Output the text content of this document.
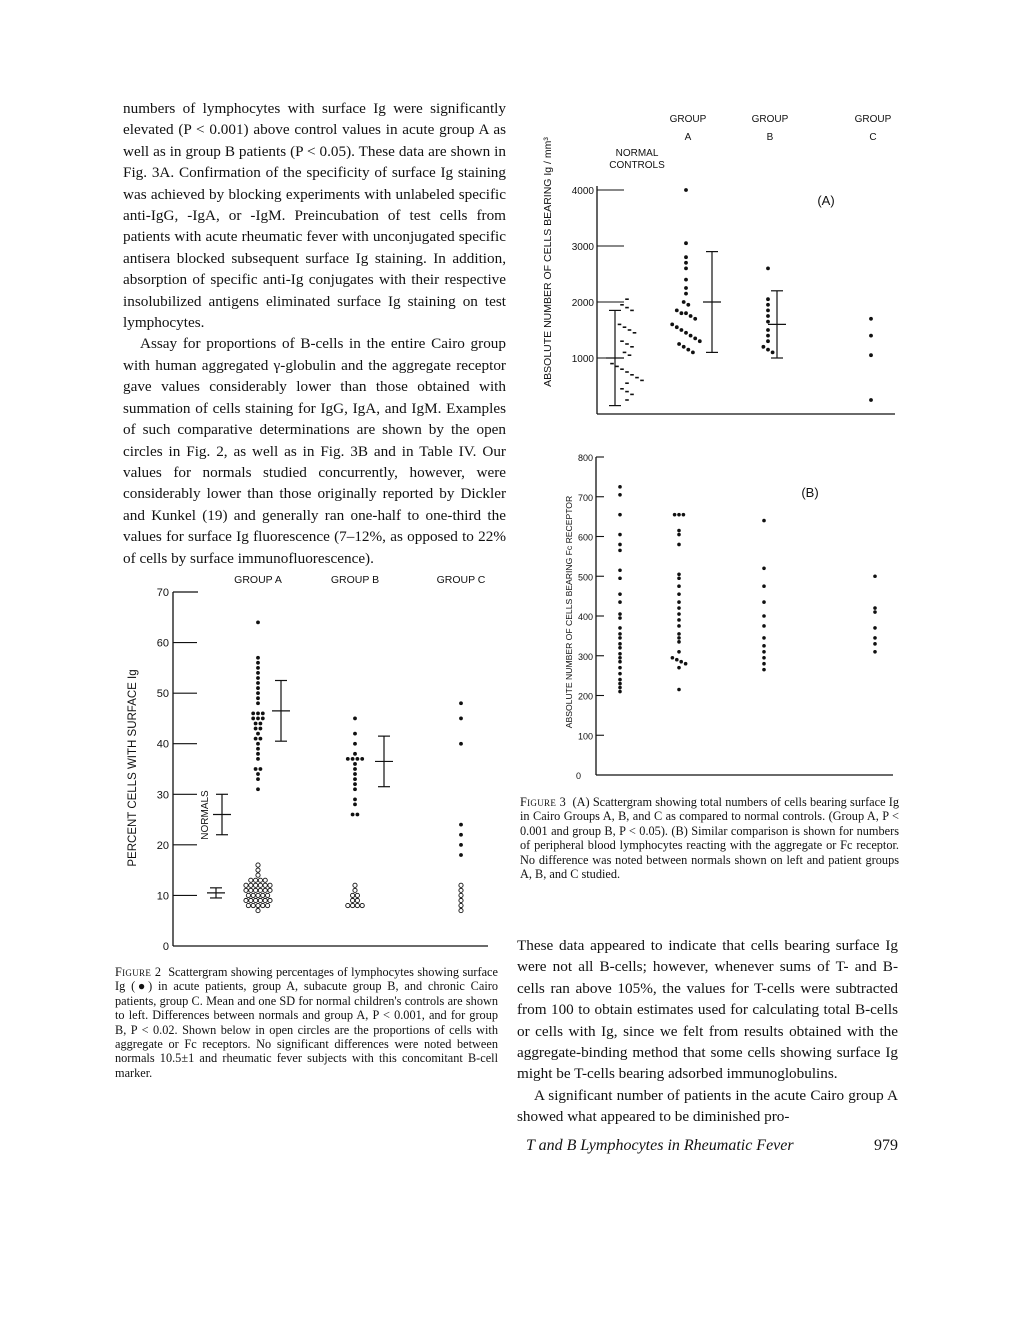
numbers of lymphocytes with surface Ig were significantly elevated (P < 0.001) above control values in acute group A as well as in group B patients (P < 0.05). These data are shown in Fig. 3A. Confirmation of the specificity of surface Ig staining was achieved by blocking experiments with unlabeled specific anti-IgG, -IgA, or -IgM. Preincubation of test cells from patients with acute rheumatic fever with unconjugated specific antisera blocked subsequent surface Ig staining. In addition, absorption of specific anti-Ig conjugates with their respective insolubilized antigens eliminated surface Ig staining on test lymphocytes.

Assay for proportions of B-cells in the entire Cairo group with human aggregated γ-globulin and the aggregate receptor gave values considerably lower than those obtained with summation of cells staining for IgG, IgA, and IgM. Examples of such comparative determinations are shown by the open circles in Fig. 2, as well as in Fig. 3B and in Table IV. Our values for normals studied concurrently, however, were considerably lower than those originally reported by Dickler and Kunkel (19) and generally ran one-half to one-third the values for surface Ig fluorescence (7–12%, as opposed to 22% of cells by surface immunofluorescence).

These data appeared to indicate that cells bearing surface Ig were not all B-cells; however, whenever sums of T- and B-cells ran above 105%, the values for T-cells were subtracted from 100 to obtain estimates used for calculating total B-cells or cells with Ig, since we felt from results obtained with the aggregate-binding method that some cells showing surface Ig might be T-cells bearing adsorbed immunoglobulins.

A significant number of patients in the acute Cairo group A showed what appeared to be diminished pro-

Figure 2 Scattergram showing percentages of lymphocytes showing surface Ig (●) in acute patients, group A, subacute group B, and chronic Cairo patients, group C. Mean and one SD for normal children's controls are shown to left. Differences between normals and group A, P < 0.001, and for group B, P < 0.02. Shown below in open circles are the proportions of cells with aggregate or Fc receptors. No significant differences were noted between normals 10.5±1 and rheumatic fever subjects with this concomitant B-cell marker.
Figure 3 (A) Scattergram showing total numbers of cells bearing surface Ig in Cairo Groups A, B, and C as compared to normal controls. (Group A, P < 0.001 and group B, P < 0.05). (B) Similar comparison is shown for numbers of peripheral blood lymphocytes reacting with the aggregate or Fc receptor. No difference was noted between normals shown on left and patient groups A, B, and C studied.
T and B Lymphocytes in Rheumatic Fever	979
0
10
20
30
40
50
60
70
PERCENT CELLS WITH SURFACE Ig
GROUP A	GROUP B	GROUP C
NORMALS
1000
2000
3000
4000
ABSOLUTE NUMBER OF CELLS BEARING Ig / mm³
GROUP
A
GROUP
B
GROUP
C
NORMAL
CONTROLS
(A)
0
100
200
300
400
500
600
700
800
ABSOLUTE NUMBER OF CELLS BEARING Fc RECEPTOR
(B)
